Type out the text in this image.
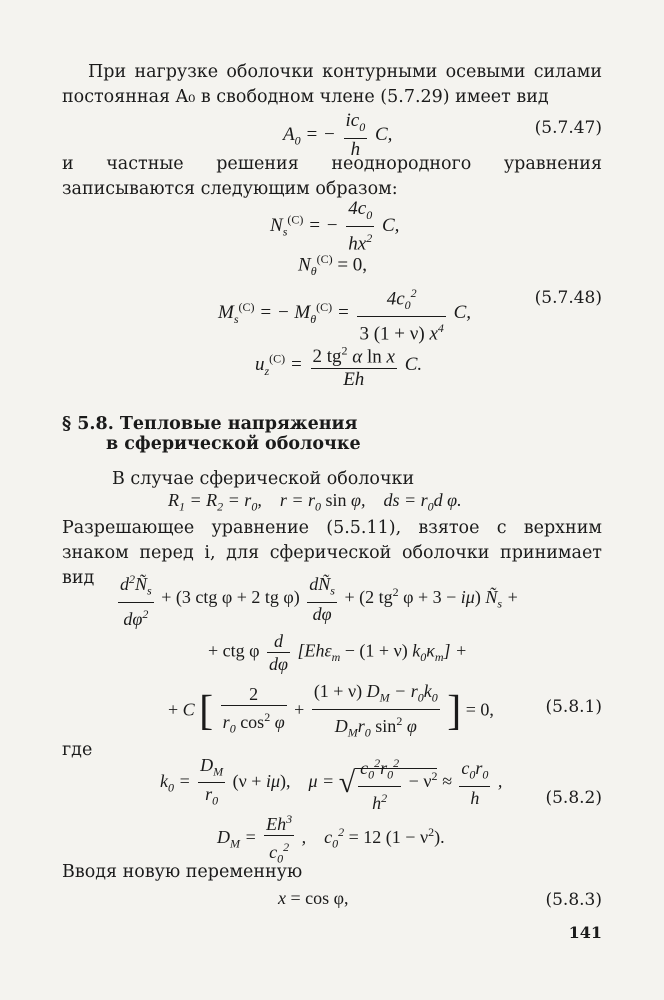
При нагрузке оболочки контурными осевыми силами постоянная A₀ в свободном члене (5.7.29) имеет вид
$A_0$ = − $\frac{ic_0}{h} C$,	(5.7.47)
и частные решения неоднородного уравнения записываются следующим образом:
$N_s^{(C)}$ = − $\frac{4c_0}{hx^2} C$,
$N_\theta^{(C)} = 0$,
$M_s^{(C)}$ = − $M_\theta^{(C)} = \frac{4c_0^2}{3 (1 + \nu) x^4} C$,
(5.7.48)
$u_z^{(C)} = \frac{2 tg^2 \alpha \ln x}{Eh} C$.
§ 5.8. Тепловые напряжения
в сферической оболочке
В случае сферической оболочки
$R_1 = R_2 = r_0$,    $r = r_0$ sin φ,    ds = $r_0d$ φ.
Разрешающее уравнение (5.5.11), взятое с верхним знаком перед i, для сферической оболочки принимает вид	$\frac{d^2Ñ_s}{d\varphi^2} + (3$ ctg φ + 2 tg $\varphi) \frac{dÑ_s}{d\varphi} + (2$ $tg^2$ φ + 3 − iμ) $Ñ_s$ +
+ ctg φ $\frac{d}{d\varphi} [Eh\varepsilon_т - (1 + \nu) k_0\kappa_т]$ +
+ C [ $\frac{2}{r_0 \cos^2 \varphi} + \frac{(1 + \nu) D_M - r_0k_0}{D_Mr_0 \sin^2 \varphi}$ ] = 0,	(5.8.1)
где
$k_0 = \frac{D_M}{r_0} (\nu + i\mu)$,    μ = √ $\frac{c_0^2r_0^2}{h^2} - \nu^2 \approx \frac{c_0r_0}{h}$ ,
(5.8.2)
$D_M = \frac{Eh^3}{c_0^2}$ ,    $c_0^2 = 12$ $(1 - \nu^2)$.
Вводя новую переменную
x = cos φ,	(5.8.3)
141
